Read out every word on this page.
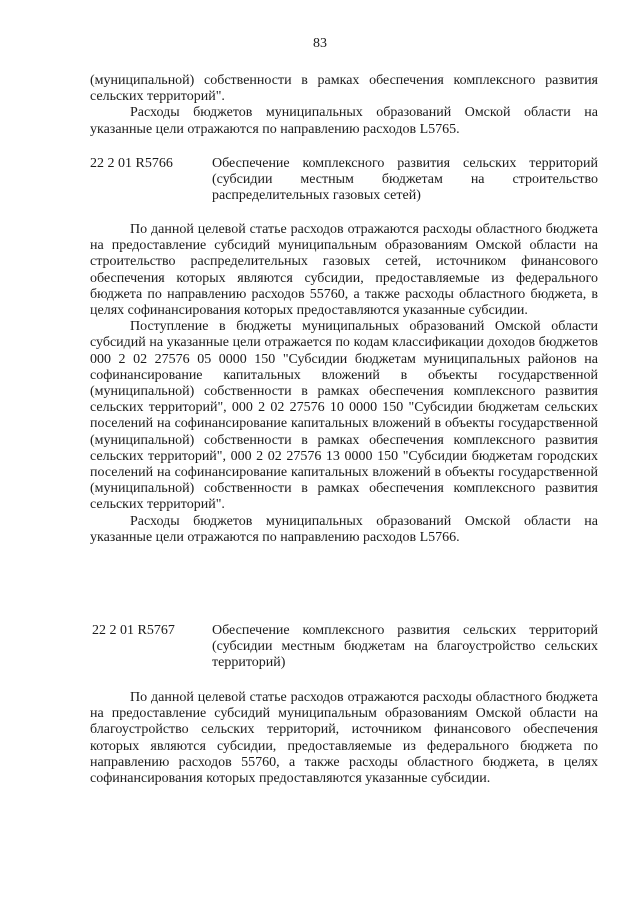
83

(муниципальной) собственности в рамках обеспечения комплексного развития сельских территорий".

Расходы бюджетов муниципальных образований Омской области на указанные цели отражаются по направлению расходов L5765.

22 2 01 R5766	Обеспечение комплексного развития сельских территорий (субсидии местным бюджетам на строительство распределительных газовых сетей)

По данной целевой статье расходов отражаются расходы областного бюджета на предоставление субсидий муниципальным образованиям Омской области на строительство распределительных газовых сетей, источником финансового обеспечения которых являются субсидии, предоставляемые из федерального бюджета по направлению расходов 55760, а также расходы областного бюджета, в целях софинансирования которых предоставляются указанные субсидии.

Поступление в бюджеты муниципальных образований Омской области субсидий на указанные цели отражается по кодам классификации доходов бюджетов 000 2 02 27576 05 0000 150 "Субсидии бюджетам муниципальных районов на софинансирование капитальных вложений в объекты государственной (муниципальной) собственности в рамках обеспечения комплексного развития сельских территорий", 000 2 02 27576 10 0000 150 "Субсидии бюджетам сельских поселений на софинансирование капитальных вложений в объекты государственной (муниципальной) собственности в рамках обеспечения комплексного развития сельских территорий", 000 2 02 27576 13 0000 150 "Субсидии бюджетам городских поселений на софинансирование капитальных вложений в объекты государственной (муниципальной) собственности в рамках обеспечения комплексного развития сельских территорий".

Расходы бюджетов муниципальных образований Омской области на указанные цели отражаются по направлению расходов L5766.

22 2 01 R5767	Обеспечение комплексного развития сельских территорий (субсидии местным бюджетам на благоустройство сельских территорий)

По данной целевой статье расходов отражаются расходы областного бюджета на предоставление субсидий муниципальным образованиям Омской области на благоустройство сельских территорий, источником финансового обеспечения которых являются субсидии, предоставляемые из федерального бюджета по направлению расходов 55760, а также расходы областного бюджета, в целях софинансирования которых предоставляются указанные субсидии.
